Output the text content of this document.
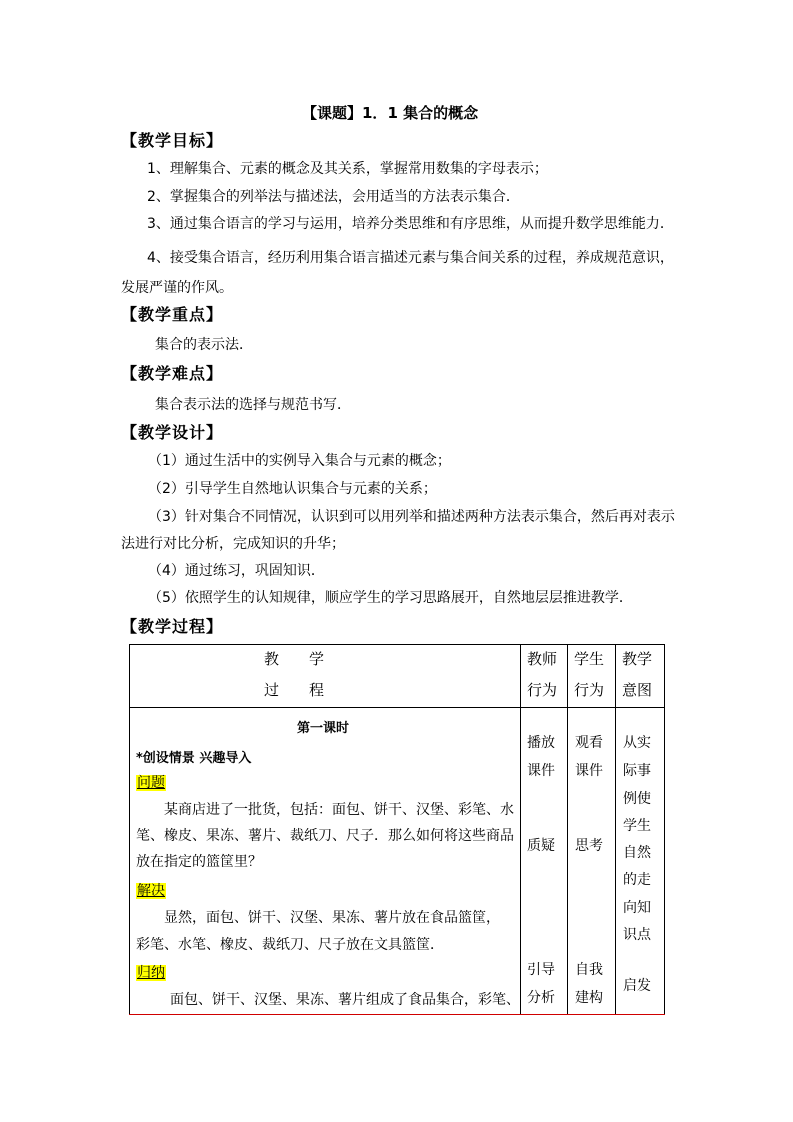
【课题】1．1 集合的概念
【教学目标】
1、理解集合、元素的概念及其关系，掌握常用数集的字母表示；
2、掌握集合的列举法与描述法，会用适当的方法表示集合．
3、通过集合语言的学习与运用，培养分类思维和有序思维，从而提升数学思维能力．
4、接受集合语言，经历利用集合语言描述元素与集合间关系的过程，养成规范意识，
发展严谨的作风。
【教学重点】
集合的表示法．
【教学难点】
集合表示法的选择与规范书写．
【教学设计】
（1）通过生活中的实例导入集合与元素的概念；
（2）引导学生自然地认识集合与元素的关系；
（3）针对集合不同情况，认识到可以用列举和描述两种方法表示集合，然后再对表示
法进行对比分析，完成知识的升华；
（4）通过练习，巩固知识．
（5）依照学生的认知规律，顺应学生的学习思路展开，自然地层层推进教学．
【教学过程】
教　　学
过　　程
教师
行为
学生
行为
教学
意图
第一课时
*创设情景 兴趣导入
问题
某商店进了一批货，包括：面包、饼干、汉堡、彩笔、水
笔、橡皮、果冻、薯片、裁纸刀、尺子．那么如何将这些商品
放在指定的篮筐里？
解决
显然，面包、饼干、汉堡、果冻、薯片放在食品篮筐，
彩笔、水笔、橡皮、裁纸刀、尺子放在文具篮筐．
归纳
面包、饼干、汉堡、果冻、薯片组成了食品集合，彩笔、
播放
课件
质疑
引导
分析
观看
课件
思考
自我
建构
从实
际事
例使
学生
自然
的走
向知
识点
启发
